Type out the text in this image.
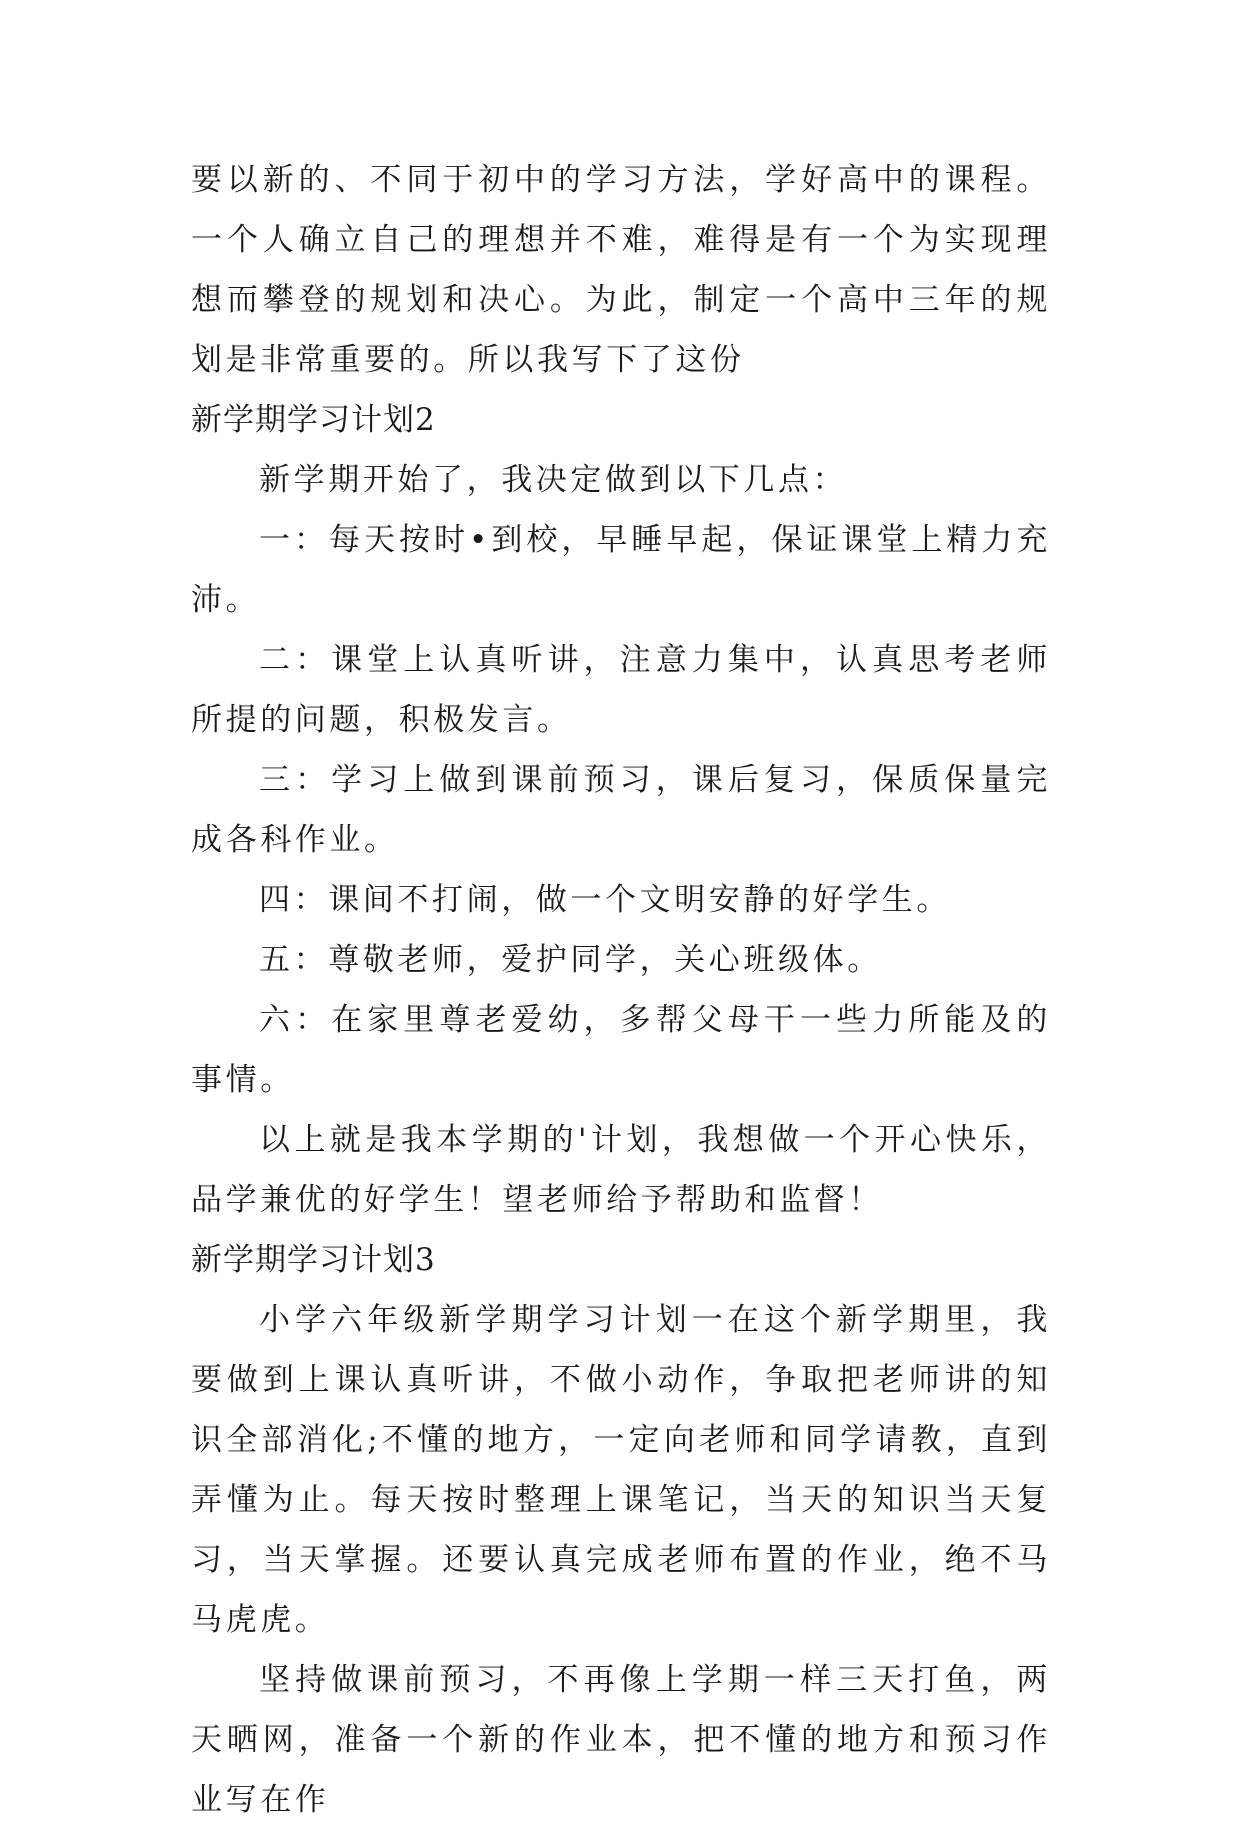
要以新的、不同于初中的学习方法，学好高中的课程。一个人确立自己的理想并不难，难得是有一个为实现理想而攀登的规划和决心。为此，制定一个高中三年的规划是非常重要的。所以我写下了这份

新学期学习计划2

新学期开始了，我决定做到以下几点：

一：每天按时•到校，早睡早起，保证课堂上精力充沛。

二：课堂上认真听讲，注意力集中，认真思考老师所提的问题，积极发言。

三：学习上做到课前预习，课后复习，保质保量完成各科作业。

四：课间不打闹，做一个文明安静的好学生。

五：尊敬老师，爱护同学，关心班级体。

六：在家里尊老爱幼，多帮父母干一些力所能及的事情。

以上就是我本学期的'计划，我想做一个开心快乐，品学兼优的好学生！望老师给予帮助和监督！

新学期学习计划3

小学六年级新学期学习计划一在这个新学期里，我要做到上课认真听讲，不做小动作，争取把老师讲的知识全部消化;不懂的地方，一定向老师和同学请教，直到弄懂为止。每天按时整理上课笔记，当天的知识当天复习，当天掌握。还要认真完成老师布置的作业，绝不马马虎虎。

坚持做课前预习，不再像上学期一样三天打鱼，两天晒网，准备一个新的作业本，把不懂的地方和预习作业写在作
